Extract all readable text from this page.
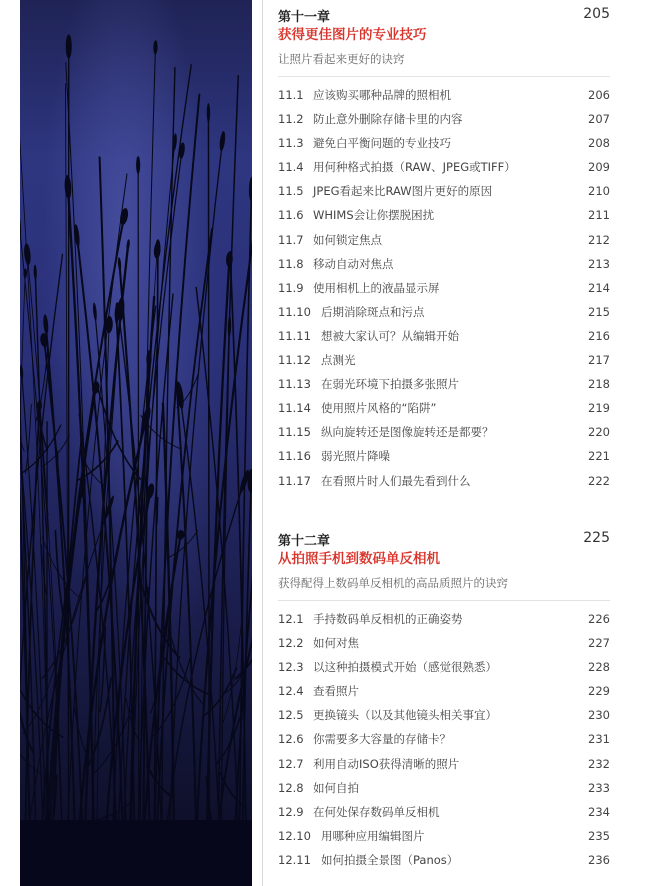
第十一章	205
获得更佳图片的专业技巧
让照片看起来更好的诀窍
11.1 应该购买哪种品牌的照相机	206
11.2 防止意外删除存储卡里的内容	207
11.3 避免白平衡问题的专业技巧	208
11.4 用何种格式拍摄（RAW、JPEG或TIFF）	209
11.5 JPEG看起来比RAW图片更好的原因	210
11.6 WHIMS会让你摆脱困扰	211
11.7 如何锁定焦点	212
11.8 移动自动对焦点	213
11.9 使用相机上的液晶显示屏	214
11.10 后期消除斑点和污点	215
11.11 想被大家认可？从编辑开始	216
11.12 点测光	217
11.13 在弱光环境下拍摄多张照片	218
11.14 使用照片风格的“陷阱”	219
11.15 纵向旋转还是图像旋转还是都要？	220
11.16 弱光照片降噪	221
11.17 在看照片时人们最先看到什么	222
第十二章	225
从拍照手机到数码单反相机
获得配得上数码单反相机的高品质照片的诀窍
12.1 手持数码单反相机的正确姿势	226
12.2 如何对焦	227
12.3 以这种拍摄模式开始（感觉很熟悉）	228
12.4 查看照片	229
12.5 更换镜头（以及其他镜头相关事宜）	230
12.6 你需要多大容量的存储卡？	231
12.7 利用自动ISO获得清晰的照片	232
12.8 如何自拍	233
12.9 在何处保存数码单反相机	234
12.10 用哪种应用编辑图片	235
12.11 如何拍摄全景图（Panos）	236
